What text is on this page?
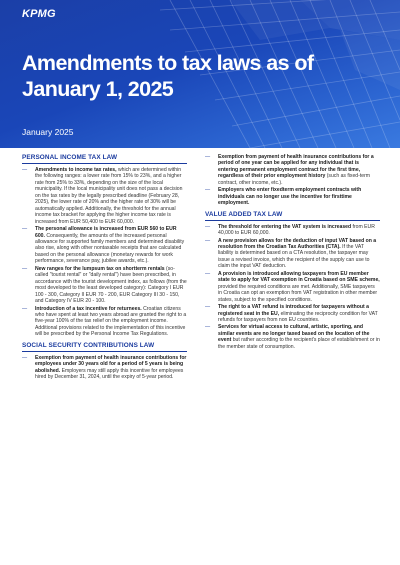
KPMG
Amendments to tax laws as of January 1, 2025
January 2025
PERSONAL INCOME TAX LAW
—	Amendments to income tax rates, which are determined within the following ranges: a lower rate from 15% to 23%, and a higher rate from 25% to 33%, depending on the size of the local municipality. If the local municipality unit does not pass a decision on the tax rates by the legally prescribed deadline (February 28, 2025), the lower rate of 20% and the higher rate of 30% will be automatically applied. Additionally, the threshold for the annual income tax bracket for applying the higher income tax rate is increased from EUR 50,400 to EUR 60,000.
—	The personal allowance is increased from EUR 560 to EUR 600. Consequently, the amounts of the increased personal allowance for supported family members and determined disability also rise, along with other nontaxable receipts that are calculated based on the personal allowance (monetary rewards for work performance, severance pay, jubilee awards, etc.).
—	New ranges for the lumpsum tax on shortterm rentals (so-called "tourist rental" or "daily rental") have been prescribed, in accordance with the tourist development index, as follows (from the most developed to the least developed category): Category I EUR 100 - 300, Category II EUR 70 - 200, EUR Category III 30 - 150, and Category IV EUR 20 - 100.
—	Introduction of a tax incentive for returnees. Croatian citizens who have spent at least two years abroad are granted the right to a five-year 100% of the tax relief on the employment income. Additional provisions related to the implementation of this incentive will be prescribed by the Personal Income Tax Regulations.
SOCIAL SECURITY CONTRIBUTIONS LAW
—	Exemption from payment of health insurance contributions for employees under 30 years old for a period of 5 years is being abolished. Employers may still apply this incentive for employees hired by December 31, 2024, until the expiry of 5-year period.
—	Exemption from payment of health insurance contributions for a period of one year can be applied for any individual that is entering permanent employment contract for the first time, regardless of their prior employment history (such as fixed-term contract, other income, etc.).
—	Employers who enter fixedterm employment contracts with individuals can no longer use the incentive for firsttime employment.
VALUE ADDED TAX LAW
—	The threshold for entering the VAT system is increased from EUR 40,000 to EUR 60,000.
—	A new provision allows for the deduction of input VAT based on a resolution from the Croatian Tax Authorities (CTA). If the VAT liability is determined based on a CTA resolution, the taxpayer may issue a revised invoice, which the recipient of the supply can use to claim the input VAT deduction.
—	A provision is introduced allowing taxpayers from EU member state to apply for VAT exemption in Croatia based on SME scheme, provided the required conditions are met. Additionally, SME taxpayers in Croatia can opt an exemption from VAT registration in other member states, subject to the specified conditions.
—	The right to a VAT refund is introduced for taxpayers without a registered seat in the EU, eliminating the reciprocity condition for VAT refunds for taxpayers from non EU countries.
—	Services for virtual access to cultural, artistic, sporting, and similar events are no longer taxed based on the location of the event but rather according to the recipient's place of establishment or in the member state of consumption.
